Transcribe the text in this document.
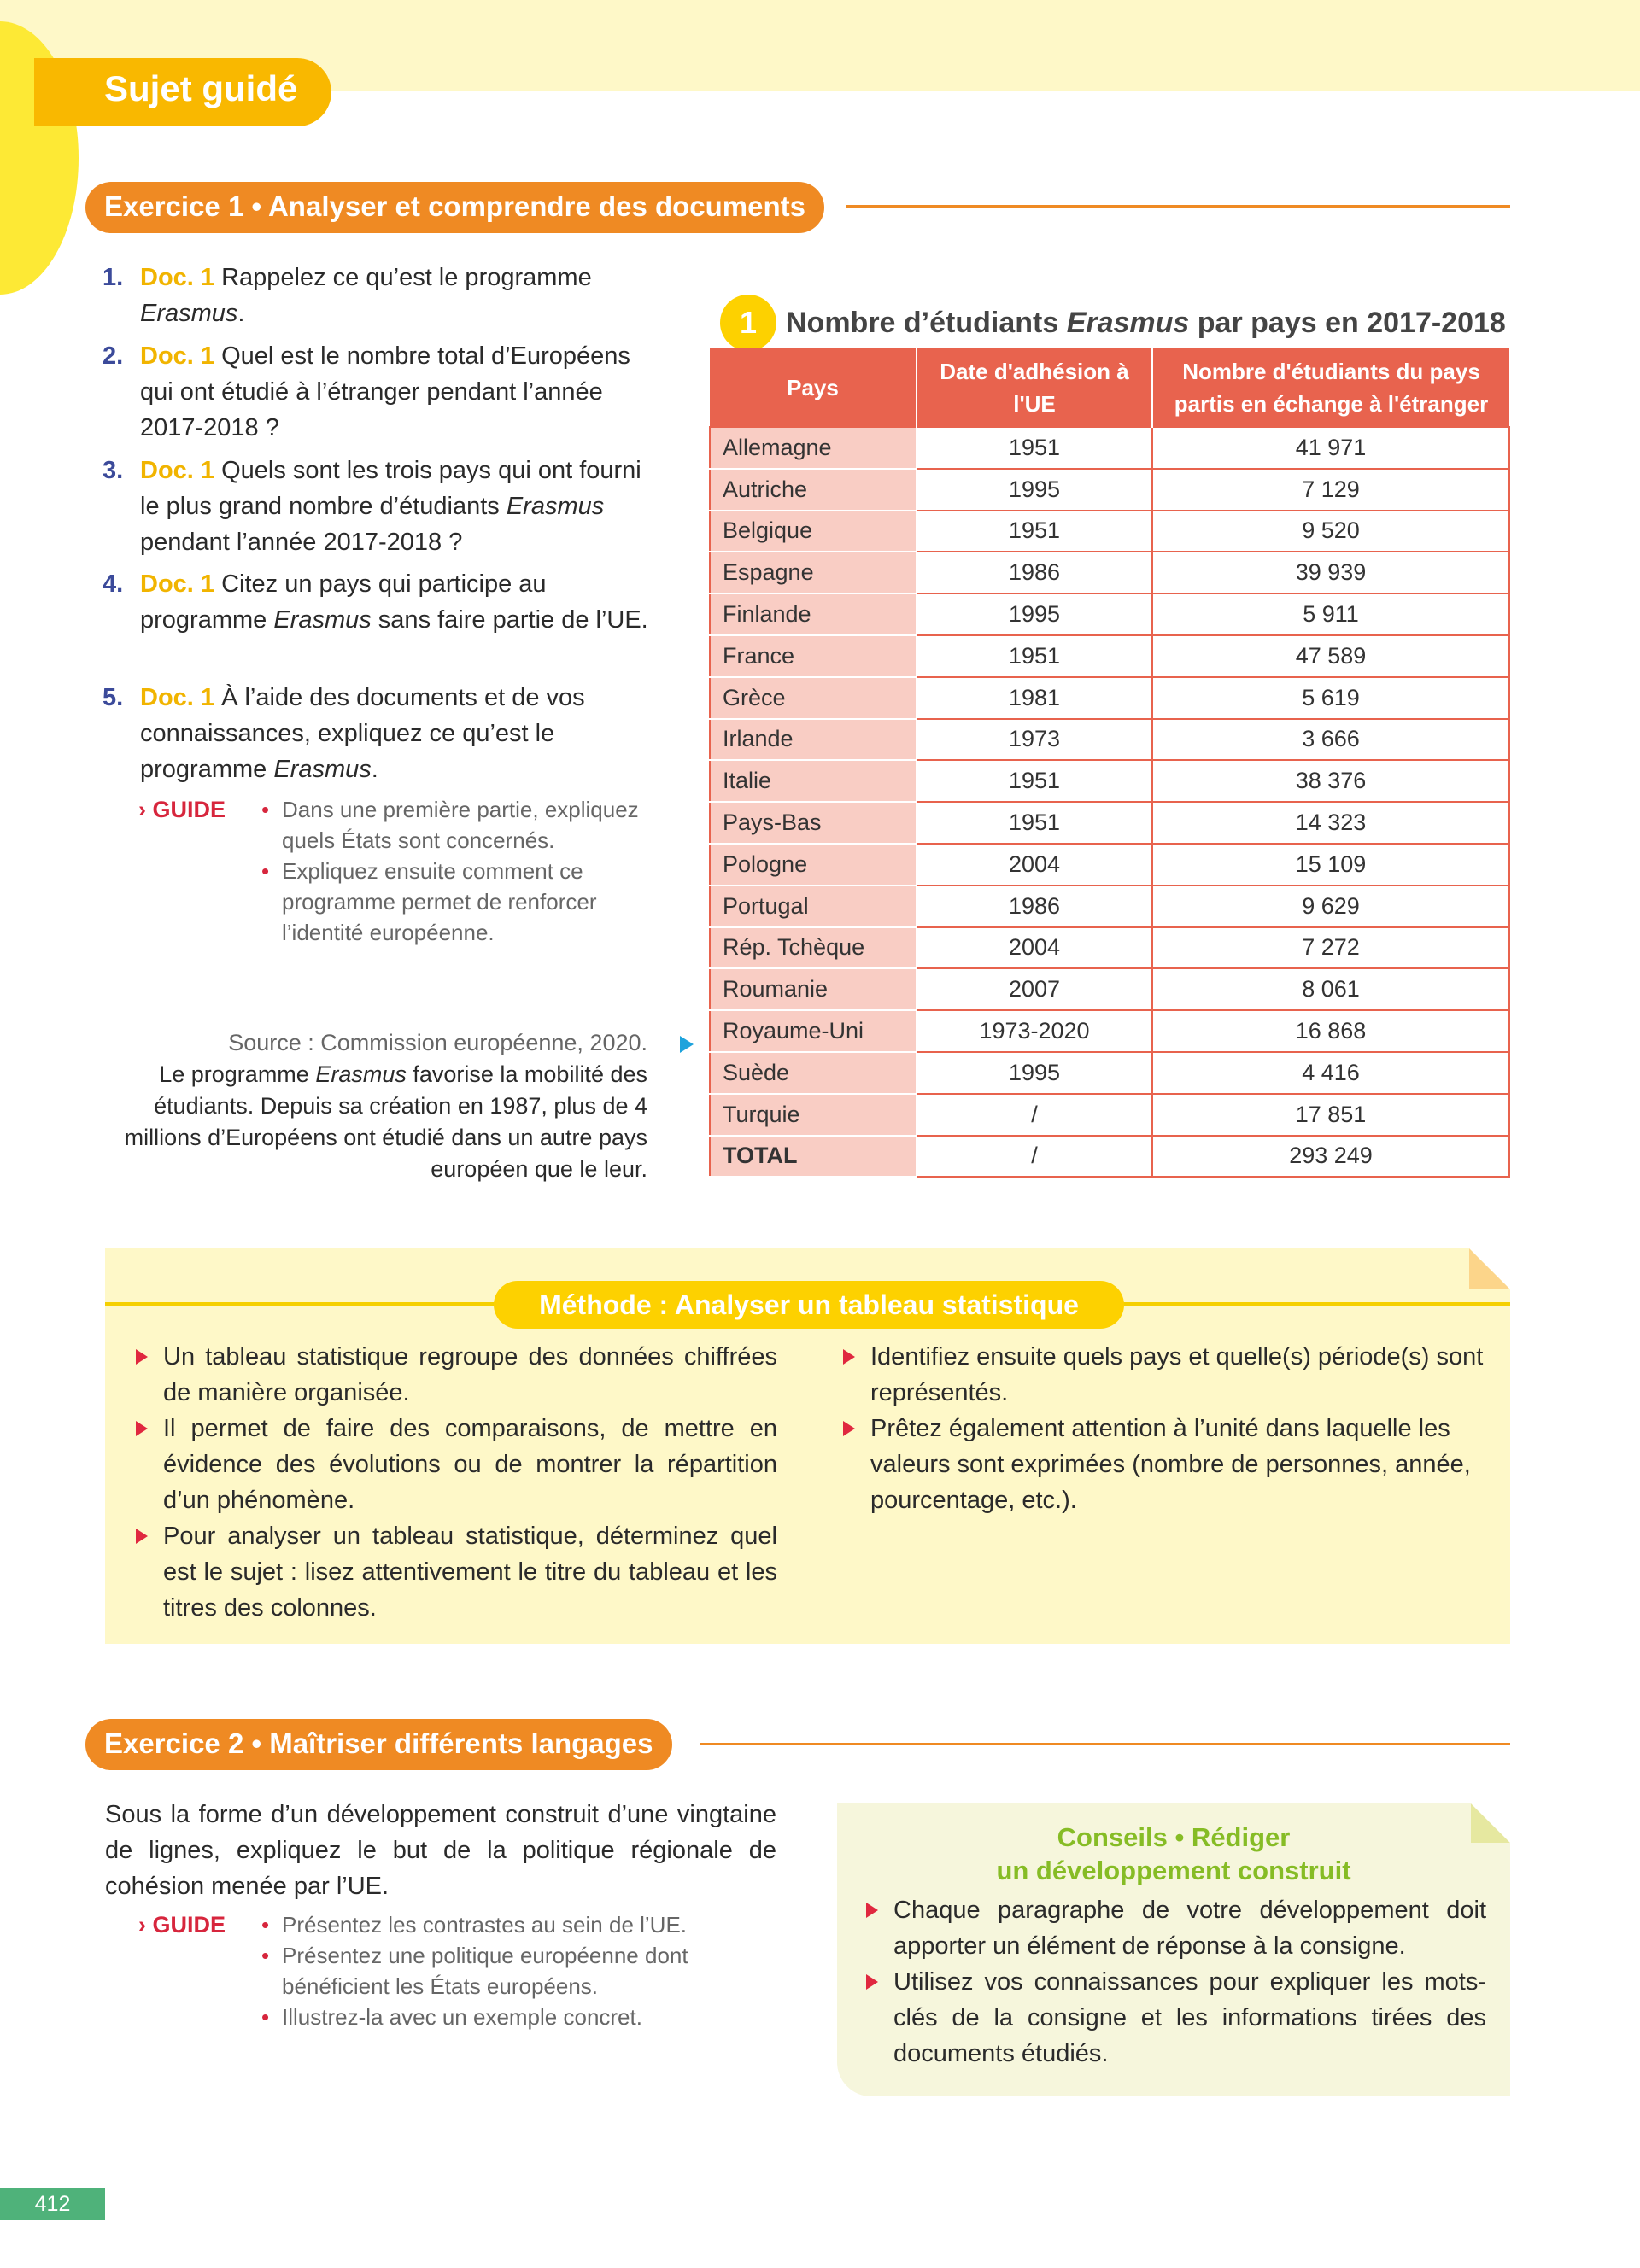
Sujet guidé
Exercice 1 • Analyser et comprendre des documents
1. Doc. 1 Rappelez ce qu’est le programme Erasmus.
2. Doc. 1 Quel est le nombre total d’Européens qui ont étudié à l’étranger pendant l’année 2017-2018 ?
3. Doc. 1 Quels sont les trois pays qui ont fourni le plus grand nombre d’étudiants Erasmus pendant l’année 2017-2018 ?
4. Doc. 1 Citez un pays qui participe au programme Erasmus sans faire partie de l’UE.
5. Doc. 1 À l’aide des documents et de vos connaissances, expliquez ce qu’est le programme Erasmus.
› GUIDE	• Dans une première partie, expliquez quels États sont concernés.
• Expliquez ensuite comment ce programme permet de renforcer l’identité européenne.
Source : Commission européenne, 2020.
Le programme Erasmus favorise la mobilité des étudiants. Depuis sa création en 1987, plus de 4 millions d’Européens ont étudié dans un autre pays européen que le leur.
1 Nombre d’étudiants Erasmus par pays en 2017-2018
Pays	Date d'adhésion à l'UE	Nombre d'étudiants du pays partis en échange à l'étranger
Allemagne	1951	41 971
Autriche	1995	7 129
Belgique	1951	9 520
Espagne	1986	39 939
Finlande	1995	5 911
France	1951	47 589
Grèce	1981	5 619
Irlande	1973	3 666
Italie	1951	38 376
Pays-Bas	1951	14 323
Pologne	2004	15 109
Portugal	1986	9 629
Rép. Tchèque	2004	7 272
Roumanie	2007	8 061
Royaume-Uni	1973-2020	16 868
Suède	1995	4 416
Turquie	/	17 851
TOTAL	/	293 249
Méthode : Analyser un tableau statistique
Un tableau statistique regroupe des données chiffrées de manière organisée.
Il permet de faire des comparaisons, de mettre en évidence des évolutions ou de montrer la répartition d’un phénomène.
Pour analyser un tableau statistique, déterminez quel est le sujet : lisez attentivement le titre du tableau et les titres des colonnes.
Identifiez ensuite quels pays et quelle(s) période(s) sont représentés.
Prêtez également attention à l’unité dans laquelle les valeurs sont exprimées (nombre de personnes, année, pourcentage, etc.).
Exercice 2 • Maîtriser différents langages
Sous la forme d’un développement construit d’une vingtaine de lignes, expliquez le but de la politique régionale de cohésion menée par l’UE.
› GUIDE	• Présentez les contrastes au sein de l’UE.
• Présentez une politique européenne dont bénéficient les États européens.
• Illustrez-la avec un exemple concret.
Conseils • Rédiger
un développement construit
Chaque paragraphe de votre développement doit apporter un élément de réponse à la consigne.
Utilisez vos connaissances pour expliquer les mots-clés de la consigne et les informations tirées des documents étudiés.
412
